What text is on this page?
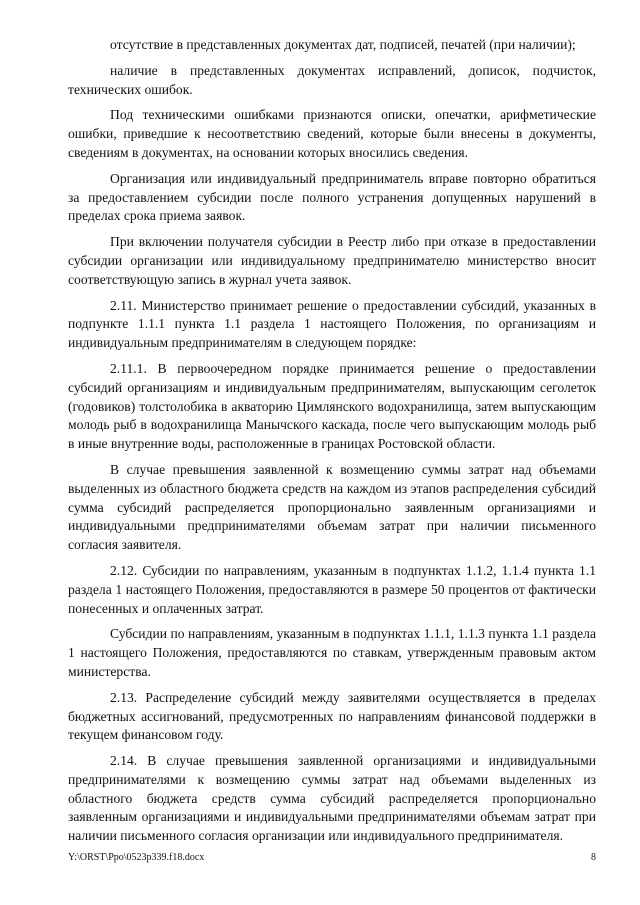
отсутствие в представленных документах дат, подписей, печатей (при наличии);

наличие в представленных документах исправлений, дописок, подчисток, технических ошибок.

Под техническими ошибками признаются описки, опечатки, арифметические ошибки, приведшие к несоответствию сведений, которые были внесены в документы, сведениям в документах, на основании которых вносились сведения.

Организация или индивидуальный предприниматель вправе повторно обратиться за предоставлением субсидии после полного устранения допущенных нарушений в пределах срока приема заявок.

При включении получателя субсидии в Реестр либо при отказе в предоставлении субсидии организации или индивидуальному предпринимателю министерство вносит соответствующую запись в журнал учета заявок.

2.11. Министерство принимает решение о предоставлении субсидий, указанных в подпункте 1.1.1 пункта 1.1 раздела 1 настоящего Положения, по организациям и индивидуальным предпринимателям в следующем порядке:

2.11.1. В первоочередном порядке принимается решение о предоставлении субсидий организациям и индивидуальным предпринимателям, выпускающим сеголеток (годовиков) толстолобика в акваторию Цимлянского водохранилища, затем выпускающим молодь рыб в водохранилища Манычского каскада, после чего выпускающим молодь рыб в иные внутренние воды, расположенные в границах Ростовской области.

В случае превышения заявленной к возмещению суммы затрат над объемами выделенных из областного бюджета средств на каждом из этапов распределения субсидий сумма субсидий распределяется пропорционально заявленным организациями и индивидуальными предпринимателями объемам затрат при наличии письменного согласия заявителя.

2.12. Субсидии по направлениям, указанным в подпунктах 1.1.2, 1.1.4 пункта 1.1 раздела 1 настоящего Положения, предоставляются в размере 50 процентов от фактически понесенных и оплаченных затрат.

Субсидии по направлениям, указанным в подпунктах 1.1.1, 1.1.3 пункта 1.1 раздела 1 настоящего Положения, предоставляются по ставкам, утвержденным правовым актом министерства.

2.13. Распределение субсидий между заявителями осуществляется в пределах бюджетных ассигнований, предусмотренных по направлениям финансовой поддержки в текущем финансовом году.

2.14. В случае превышения заявленной организациями и индивидуальными предпринимателями к возмещению суммы затрат над объемами выделенных из областного бюджета средств сумма субсидий распределяется пропорционально заявленным организациями и индивидуальными предпринимателями объемам затрат при наличии письменного согласия организации или индивидуального предпринимателя.

Y:\ORST\Ppo\0523p339.f18.docx	8
